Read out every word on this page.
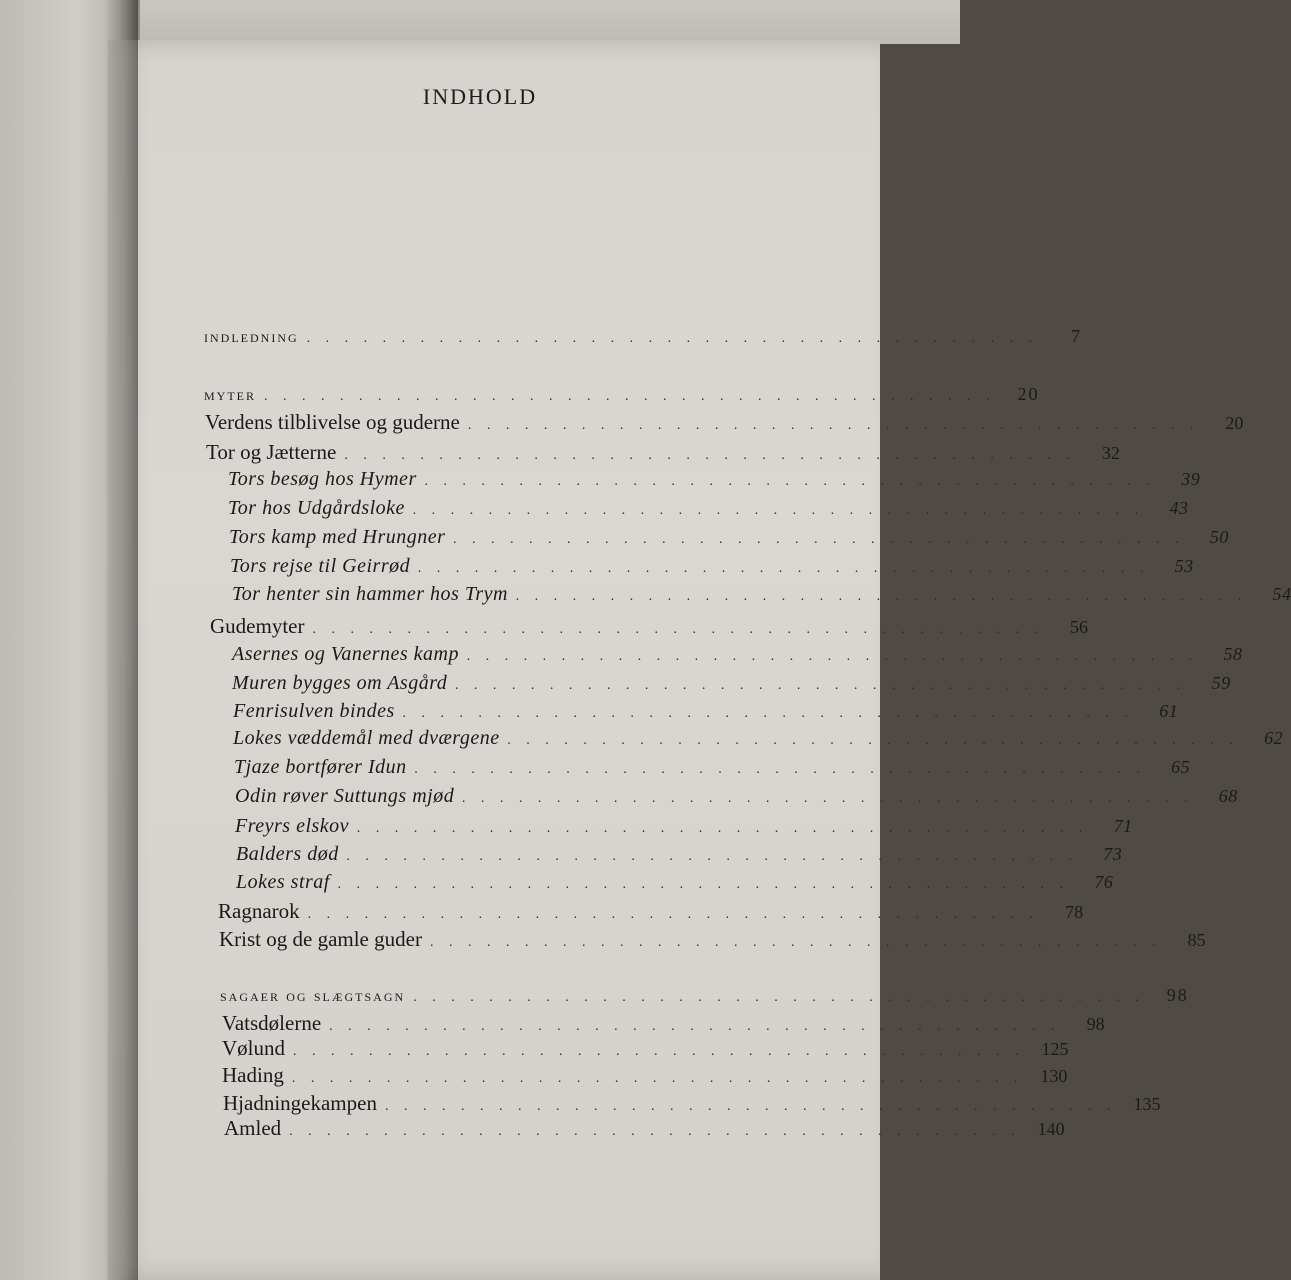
INDHOLD
indledning . . . . . . . . . . . . . . . . . . . . . . . . . . . . . . . . . . . . . . .	7
myter . . . . . . . . . . . . . . . . . . . . . . . . . . . . . . . . . . . . . . .	20
Verdens tilblivelse og guderne . . . . . . . . . . . . . . . . . . . . . . . . . . . . . . . . . . . . . . .	20
Tor og Jætterne . . . . . . . . . . . . . . . . . . . . . . . . . . . . . . . . . . . . . . .	32
Tors besøg hos Hymer . . . . . . . . . . . . . . . . . . . . . . . . . . . . . . . . . . . . . . .	39
Tor hos Udgårdsloke . . . . . . . . . . . . . . . . . . . . . . . . . . . . . . . . . . . . . . .	43
Tors kamp med Hrungner . . . . . . . . . . . . . . . . . . . . . . . . . . . . . . . . . . . . . . .	50
Tors rejse til Geirrød . . . . . . . . . . . . . . . . . . . . . . . . . . . . . . . . . . . . . . .	53
Tor henter sin hammer hos Trym . . . . . . . . . . . . . . . . . . . . . . . . . . . . . . . . . . . . . . .	54
Gudemyter . . . . . . . . . . . . . . . . . . . . . . . . . . . . . . . . . . . . . . .	56
Asernes og Vanernes kamp . . . . . . . . . . . . . . . . . . . . . . . . . . . . . . . . . . . . . . .	58
Muren bygges om Asgård . . . . . . . . . . . . . . . . . . . . . . . . . . . . . . . . . . . . . . .	59
Fenrisulven bindes . . . . . . . . . . . . . . . . . . . . . . . . . . . . . . . . . . . . . . .	61
Lokes væddemål med dværgene . . . . . . . . . . . . . . . . . . . . . . . . . . . . . . . . . . . . . . .	62
Tjaze bortfører Idun . . . . . . . . . . . . . . . . . . . . . . . . . . . . . . . . . . . . . . .	65
Odin røver Suttungs mjød . . . . . . . . . . . . . . . . . . . . . . . . . . . . . . . . . . . . . . .	68
Freyrs elskov . . . . . . . . . . . . . . . . . . . . . . . . . . . . . . . . . . . . . . .	71
Balders død . . . . . . . . . . . . . . . . . . . . . . . . . . . . . . . . . . . . . . .	73
Lokes straf . . . . . . . . . . . . . . . . . . . . . . . . . . . . . . . . . . . . . . .	76
Ragnarok . . . . . . . . . . . . . . . . . . . . . . . . . . . . . . . . . . . . . . .	78
Krist og de gamle guder . . . . . . . . . . . . . . . . . . . . . . . . . . . . . . . . . . . . . . .	85
sagaer og slægtsagn . . . . . . . . . . . . . . . . . . . . . . . . . . . . . . . . . . . . . . .	98
Vatsdølerne . . . . . . . . . . . . . . . . . . . . . . . . . . . . . . . . . . . . . . .	98
Vølund . . . . . . . . . . . . . . . . . . . . . . . . . . . . . . . . . . . . . . . 125
Hading . . . . . . . . . . . . . . . . . . . . . . . . . . . . . . . . . . . . . . . 130
Hjadningekampen . . . . . . . . . . . . . . . . . . . . . . . . . . . . . . . . . . . . . . . 135
Amled . . . . . . . . . . . . . . . . . . . . . . . . . . . . . . . . . . . . . . . 140
